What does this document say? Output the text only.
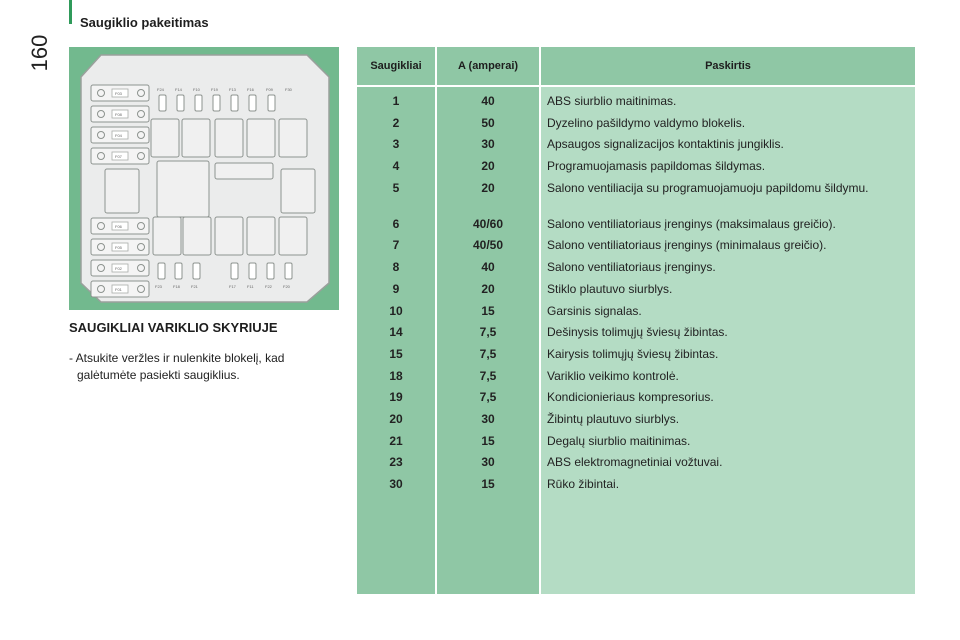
Saugiklio pakeitimas
160
F03
F08
F04
F07
F06
F05
F02
F01
F24	F14	F10	F19	F13	F16	F09	F30
F23	F18	F21	F17	F11	F22	F20
SAUGIKLIAI VARIKLIO SKYRIUJE
- Atsukite veržles ir nulenkite blokelį, kad

galėtumėte pasiekti saugiklius.
Saugikliai	A (amperai)	Paskirtis
1	40	ABS siurblio maitinimas.
2	50	Dyzelino pašildymo valdymo blokelis.
3	30	Apsaugos signalizacijos kontaktinis jungiklis.
4	20	Programuojamasis papildomas šildymas.
5	20	Salono ventiliacija su programuojamuoju papildomu šildymu.
6	40/60	Salono ventiliatoriaus įrenginys (maksimalaus greičio).
7	40/50	Salono ventiliatoriaus įrenginys (minimalaus greičio).
8	40	Salono ventiliatoriaus įrenginys.
9	20	Stiklo plautuvo siurblys.
10	15	Garsinis signalas.
14	7,5	Dešinysis tolimųjų šviesų žibintas.
15	7,5	Kairysis tolimųjų šviesų žibintas.
18	7,5	Variklio veikimo kontrolė.
19	7,5	Kondicionieriaus kompresorius.
20	30	Žibintų plautuvo siurblys.
21	15	Degalų siurblio maitinimas.
23	30	ABS elektromagnetiniai vožtuvai.
30	15	Rūko žibintai.
